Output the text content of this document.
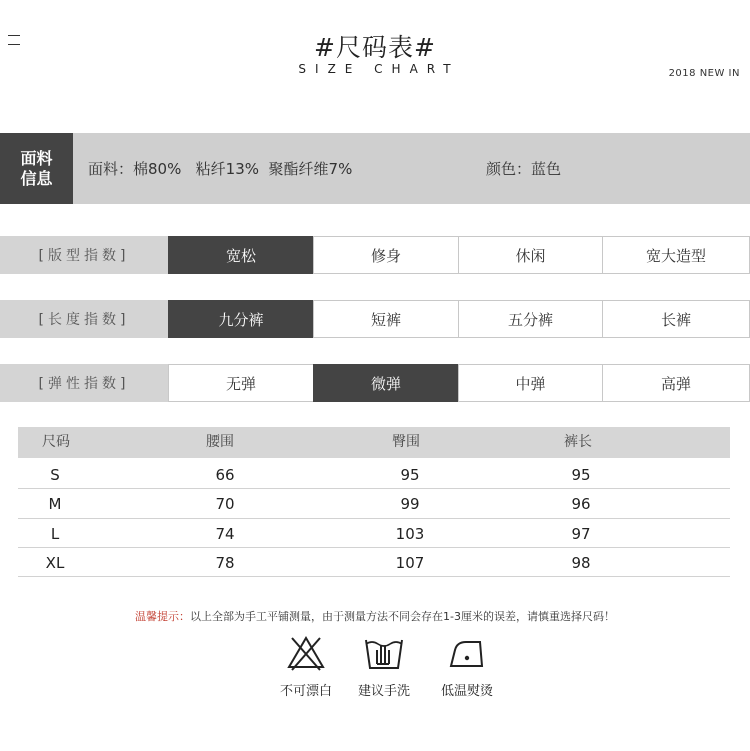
#尺码表#
SIZE CHART	2018 NEW IN
面料
信息 面料：棉80%   粘纤13%  聚酯纤维7%	颜色：蓝色
[版型指数]	宽松	修身	休闲	宽大造型
[长度指数]	九分裤	短裤	五分裤	长裤
[弹性指数]	无弹	微弹	中弹	高弹
尺码	腰围	臀围	裤长
S	66	95	95
M	70	99	96
L	74	103	97
XL	78	107	98
温馨提示：以上全部为手工平铺测量，由于测量方法不同会存在1-3厘米的误差，请慎重选择尺码！
不可漂白	建议手洗	低温熨烫
